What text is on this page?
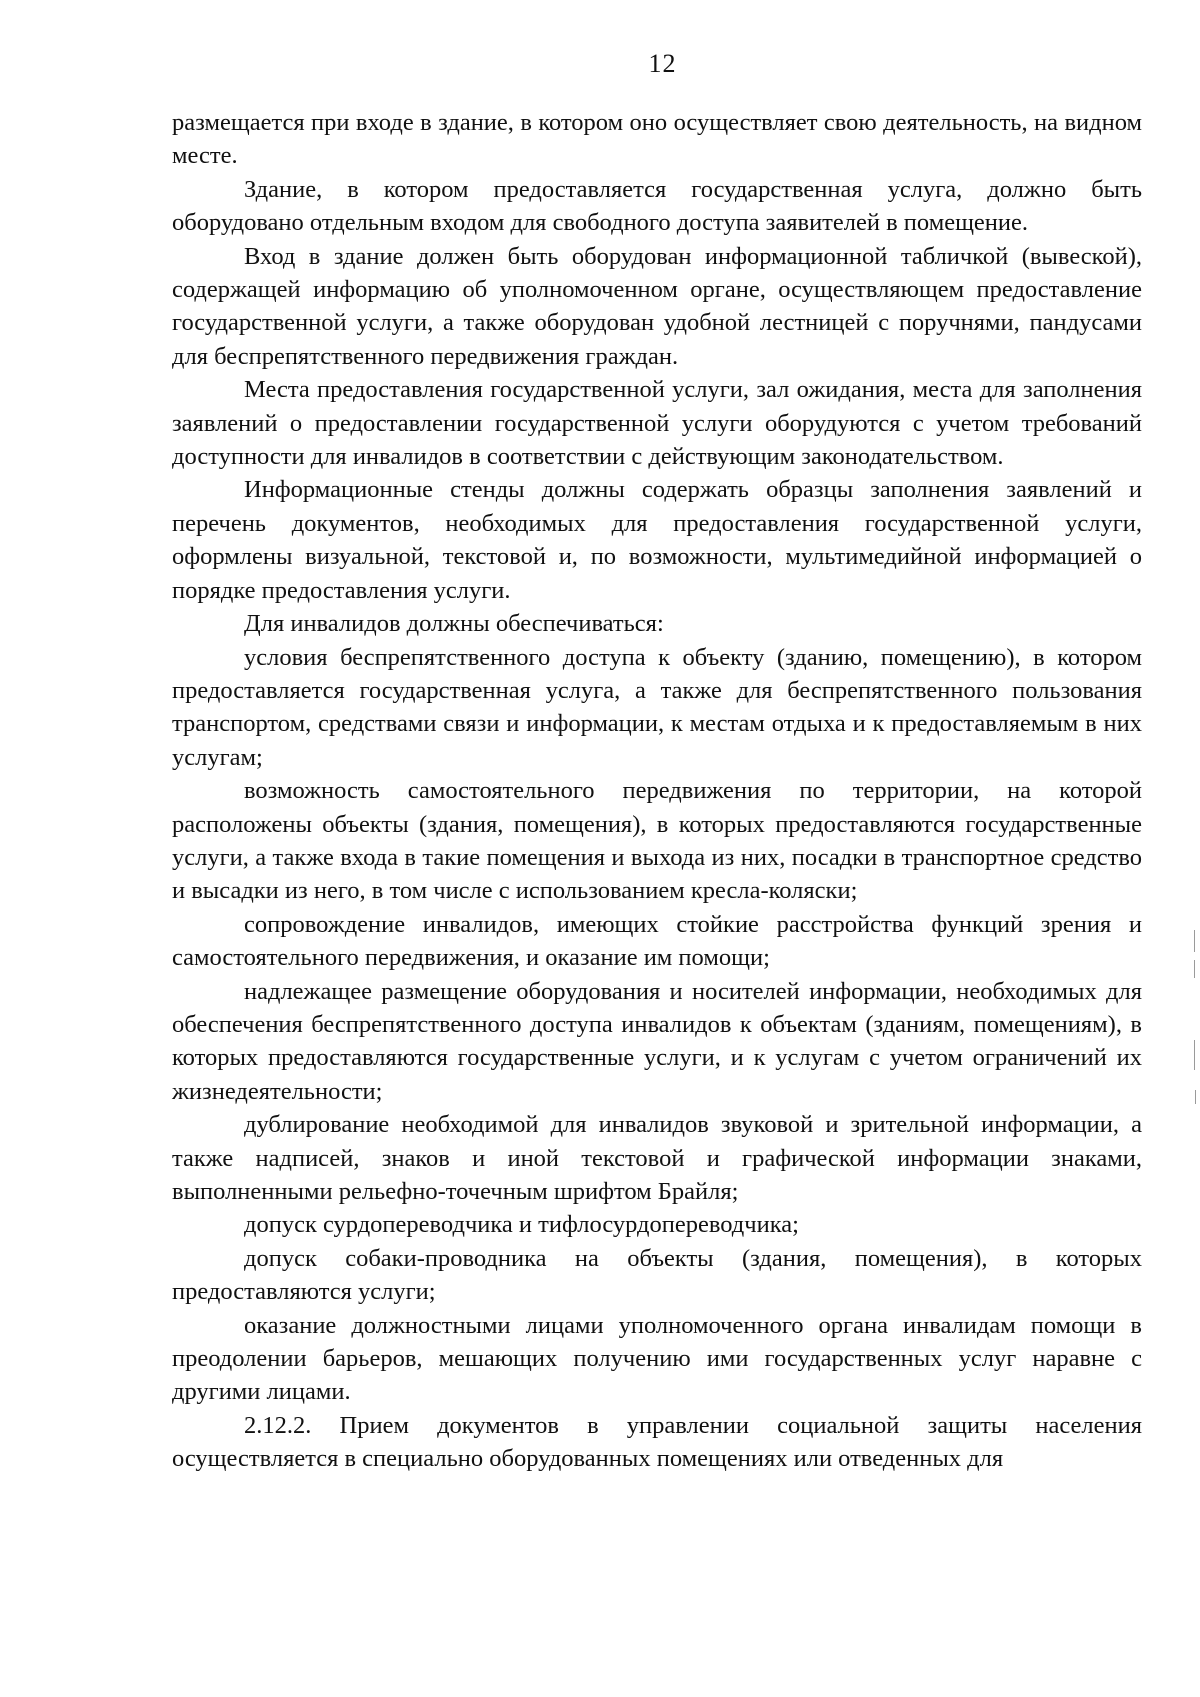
12

размещается при входе в здание, в котором оно осуществляет свою деятельность, на видном месте.

Здание, в котором предоставляется государственная услуга, должно быть оборудовано отдельным входом для свободного доступа заявителей в помещение.

Вход в здание должен быть оборудован информационной табличкой (вывеской), содержащей информацию об уполномоченном органе, осуществляющем предоставление государственной услуги, а также оборудован удобной лестницей с поручнями, пандусами для беспрепятственного передвижения граждан.

Места предоставления государственной услуги, зал ожидания, места для заполнения заявлений о предоставлении государственной услуги оборудуются с учетом требований доступности для инвалидов в соответствии с действующим законодательством.

Информационные стенды должны содержать образцы заполнения заявлений и перечень документов, необходимых для предоставления государственной услуги, оформлены визуальной, текстовой и, по возможности, мультимедийной информацией о порядке предоставления услуги.

Для инвалидов должны обеспечиваться:

условия беспрепятственного доступа к объекту (зданию, помещению), в котором предоставляется государственная услуга, а также для беспрепятственного пользования транспортом, средствами связи и информации, к местам отдыха и к предоставляемым в них услугам;

возможность самостоятельного передвижения по территории, на которой расположены объекты (здания, помещения), в которых предоставляются государственные услуги, а также входа в такие помещения и выхода из них, посадки в транспортное средство и высадки из него, в том числе с использованием кресла-коляски;

сопровождение инвалидов, имеющих стойкие расстройства функций зрения и самостоятельного передвижения, и оказание им помощи;

надлежащее размещение оборудования и носителей информации, необходимых для обеспечения беспрепятственного доступа инвалидов к объектам (зданиям, помещениям), в которых предоставляются государственные услуги, и к услугам с учетом ограничений их жизнедеятельности;

дублирование необходимой для инвалидов звуковой и зрительной информации, а также надписей, знаков и иной текстовой и графической информации знаками, выполненными рельефно-точечным шрифтом Брайля;

допуск сурдопереводчика и тифлосурдопереводчика;

допуск собаки-проводника на объекты (здания, помещения), в которых предоставляются услуги;

оказание должностными лицами уполномоченного органа инвалидам помощи в преодолении барьеров, мешающих получению ими государственных услуг наравне с другими лицами.

2.12.2. Прием документов в управлении социальной защиты населения осуществляется в специально оборудованных помещениях или отведенных для
